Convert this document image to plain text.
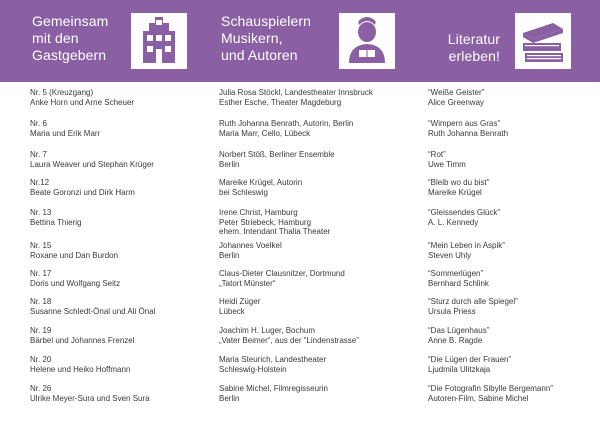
Gemeinsam
mit den
Gastgebern
Schauspielern
Musikern,
und Autoren
Literatur
erleben!
Nr. 5 (Kreuzgang)
Anke Horn und Arne Scheuer
Julia Rosa Stöckl, Landestheater Innsbruck
Esther Esche, Theater Magdeburg
“Weiße Geister”
Alice Greenway
Nr. 6
Maria und Erik Marr
Ruth Johanna Benrath, Autorin, Berlin
Maria Marr, Cello, Lübeck
“Wimpern aus Gras”
Ruth Johanna Benrath
Nr. 7
Laura Weaver und Stephan Krüger
Norbert Stöß, Berliner Ensemble
Berlin
“Rot”
Uwe Timm
Nr.12
Beate Goronzi und Dirk Harm
Mareike Krügel, Autorin
bei Schleswig
“Bleib wo du bist”
Mareike Krügel
Nr. 13
Bettina Thierig
Irene Christ, Hamburg
Peter Striebeck, Hamburg
ehem. Intendant Thalia Theater
“Gleissendes Glück”
A. L. Kennedy
Nr. 15
Roxane und Dan Burdon
Johannes Voelkel
Berlin
“Mein Leben in Aspik”
Steven Uhly
Nr. 17
Doris und Wolfgang Seitz
Claus-Dieter Clausnitzer, Dortmund
„Tatort Münster“
“Sommerlügen”
Bernhard Schlink
Nr. 18
Susanne Schledt-Önal und Ali Önal
Heidi Züger
Lübeck
“Sturz durch alle Spiegel”
Ursula Priess
Nr. 19
Bärbel und Johannes Frenzel
Joachim H. Luger, Bochum
„Vater Beimer“, aus der “Lindenstrasse”
“Das Lügenhaus”
Anne B. Ragde
Nr. 20
Helene und Heiko Hoffmann
Maria Steurich, Landestheater
Schleswig-Holstein
“Die Lügen der Frauen”
Ljudmila Ulitzkaja
Nr. 26
Ulrike Meyer-Sura und Sven Sura
Sabine Michel, Filmregisseurin
Berlin
“Die Fotografin Sibylle Bergemann”
Autoren-Film, Sabine Michel
